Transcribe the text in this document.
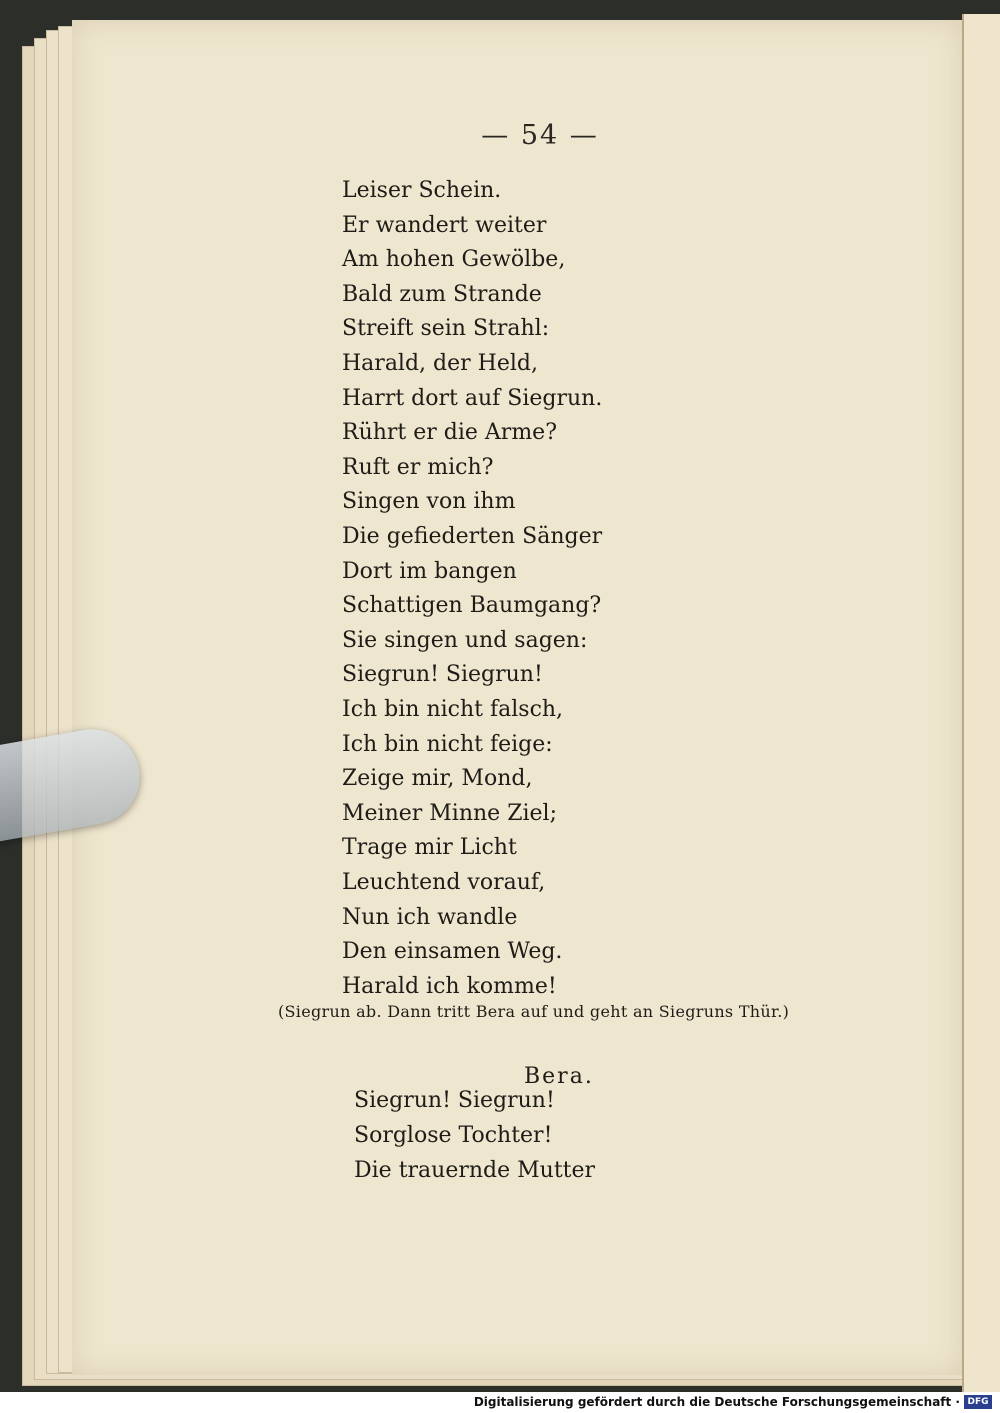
— 54 —
Leiser Schein.
Er wandert weiter
Am hohen Gewölbe,
Bald zum Strande
Streift sein Strahl:
Harald, der Held,
Harrt dort auf Siegrun.
Rührt er die Arme?
Ruft er mich?
Singen von ihm
Die gefiederten Sänger
Dort im bangen
Schattigen Baumgang?
Sie singen und sagen:
Siegrun! Siegrun!
Ich bin nicht falsch,
Ich bin nicht feige:
Zeige mir, Mond,
Meiner Minne Ziel;
Trage mir Licht
Leuchtend vorauf,
Nun ich wandle
Den einsamen Weg.
Harald ich komme!
(Siegrun ab. Dann tritt Bera auf und geht an Siegruns Thür.)
Bera.
Siegrun! Siegrun!
Sorglose Tochter!
Die trauernde Mutter
Digitalisierung gefördert durch die Deutsche Forschungsgemeinschaft · DFG
